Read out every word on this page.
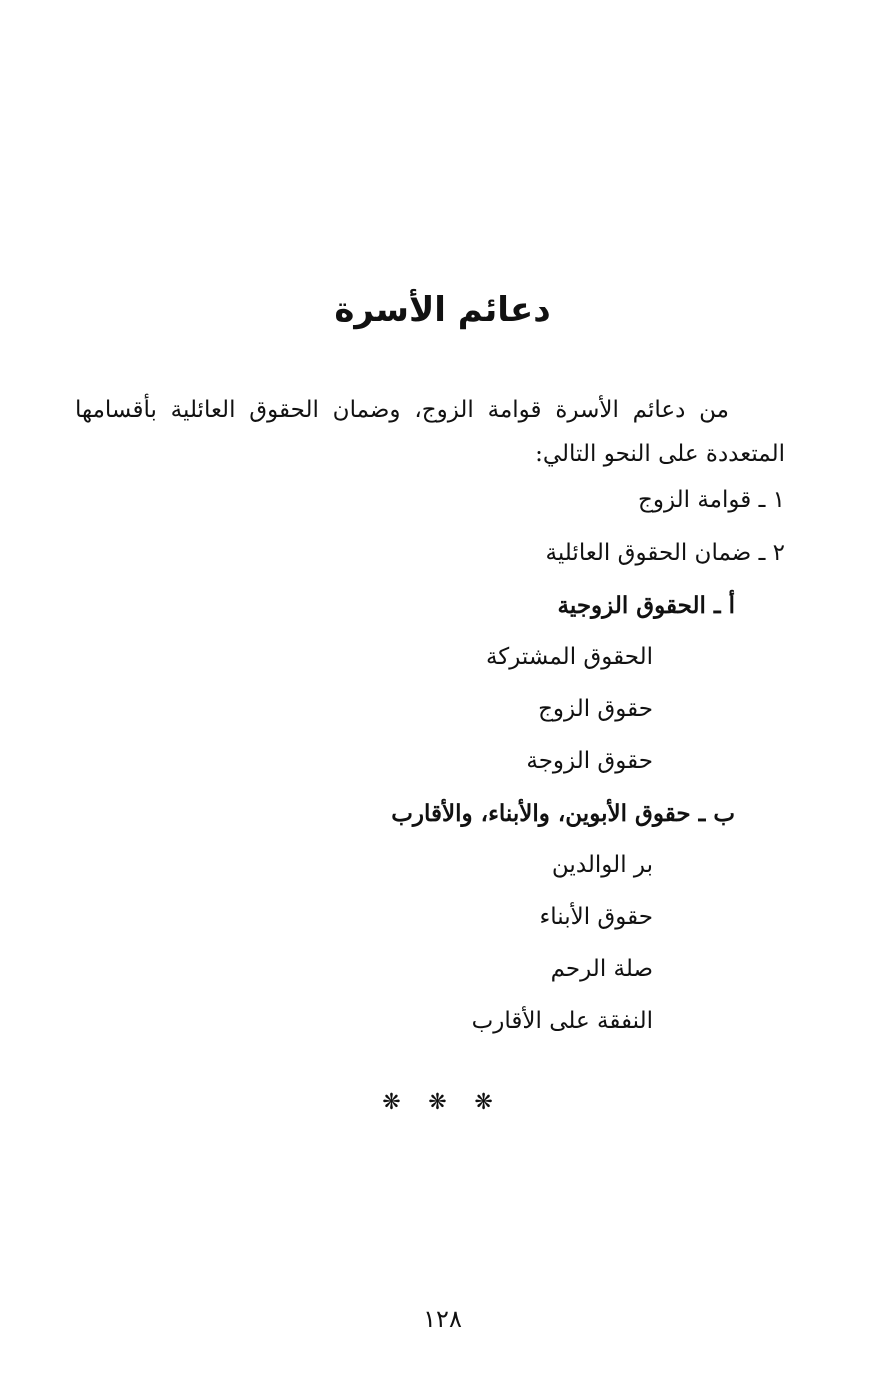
دعائم الأسرة
من دعائم الأسرة قوامة الزوج، وضمان الحقوق العائلية بأقسامها المتعددة على النحو التالي:
١ ـ قوامة الزوج
٢ ـ ضمان الحقوق العائلية
أ ـ الحقوق الزوجية
الحقوق المشتركة
حقوق الزوج
حقوق الزوجة
ب ـ حقوق الأبوين، والأبناء، والأقارب
بر الوالدين
حقوق الأبناء
صلة الرحم
النفقة على الأقارب
❋ ❋ ❋
١٢٨
